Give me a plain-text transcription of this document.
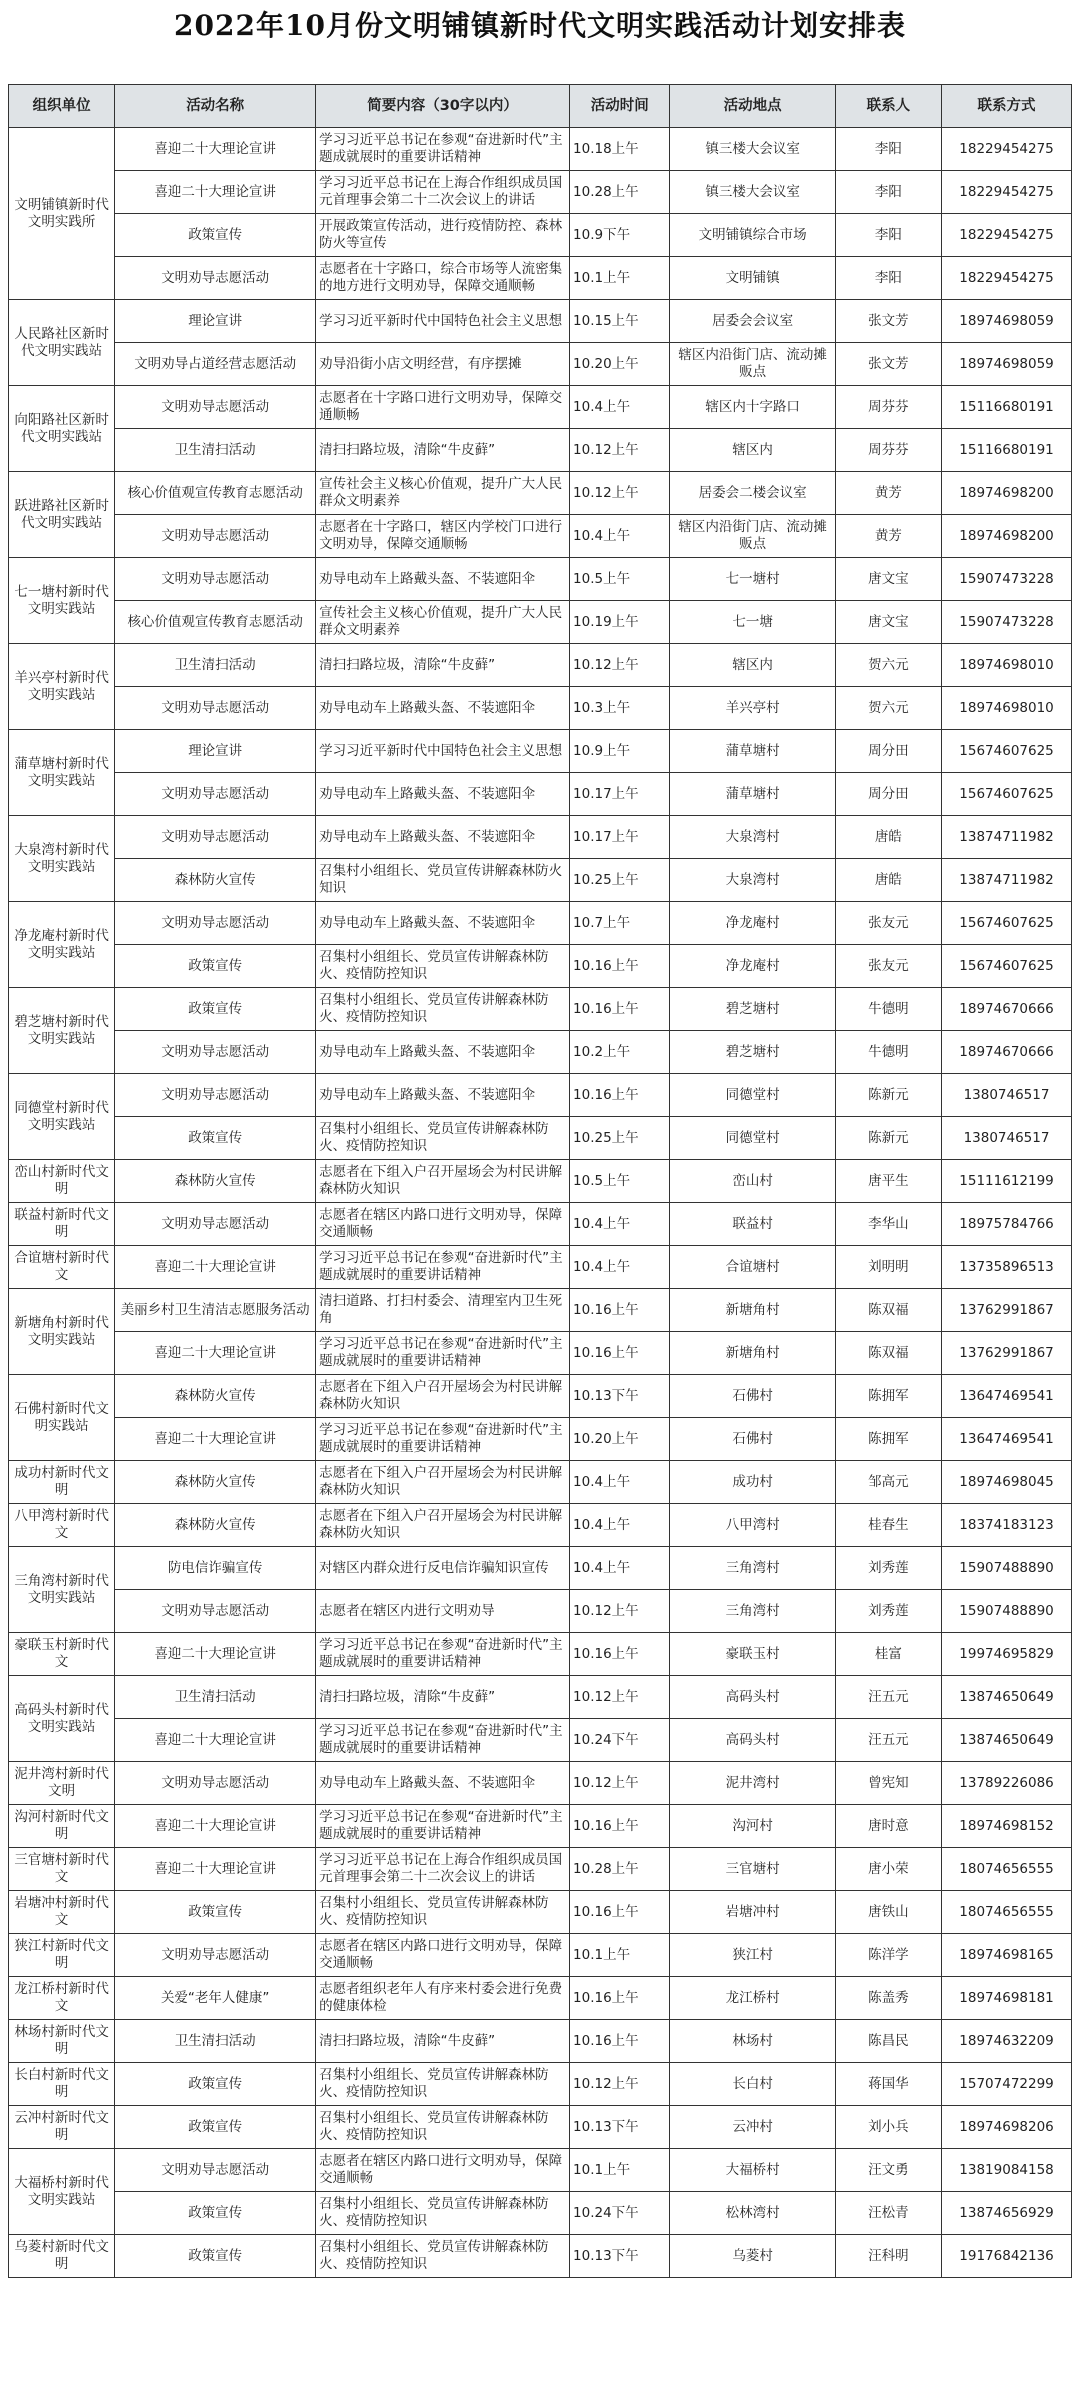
2022年10月份文明铺镇新时代文明实践活动计划安排表
组织单位	活动名称	简要内容（30字以内）	活动时间	活动地点	联系人	联系方式
文明铺镇新时代文明实践所	喜迎二十大理论宣讲	学习习近平总书记在参观“奋进新时代”主题成就展时的重要讲话精神	10.18上午	镇三楼大会议室	李阳	18229454275
	喜迎二十大理论宣讲	学习习近平总书记在上海合作组织成员国元首理事会第二十二次会议上的讲话	10.28上午	镇三楼大会议室	李阳	18229454275
	政策宣传	开展政策宣传活动，进行疫情防控、森林防火等宣传	10.9下午	文明铺镇综合市场	李阳	18229454275
	文明劝导志愿活动	志愿者在十字路口，综合市场等人流密集的地方进行文明劝导，保障交通顺畅	10.1上午	文明铺镇	李阳	18229454275
人民路社区新时代文明实践站	理论宣讲	学习习近平新时代中国特色社会主义思想	10.15上午	居委会会议室	张文芳	18974698059
	文明劝导占道经营志愿活动	劝导沿街小店文明经营，有序摆摊	10.20上午	辖区内沿街门店、流动摊贩点	张文芳	18974698059
向阳路社区新时代文明实践站	文明劝导志愿活动	志愿者在十字路口进行文明劝导，保障交通顺畅	10.4上午	辖区内十字路口	周芬芬	15116680191
	卫生清扫活动	清扫扫路垃圾，清除“牛皮藓”	10.12上午	辖区内	周芬芬	15116680191
跃进路社区新时代文明实践站	核心价值观宣传教育志愿活动	宣传社会主义核心价值观，提升广大人民群众文明素养	10.12上午	居委会二楼会议室	黄芳	18974698200
	文明劝导志愿活动	志愿者在十字路口，辖区内学校门口进行文明劝导，保障交通顺畅	10.4上午	辖区内沿街门店、流动摊贩点	黄芳	18974698200
七一塘村新时代文明实践站	文明劝导志愿活动	劝导电动车上路戴头盔、不装遮阳伞	10.5上午	七一塘村	唐文宝	15907473228
	核心价值观宣传教育志愿活动	宣传社会主义核心价值观，提升广大人民群众文明素养	10.19上午	七一塘	唐文宝	15907473228
羊兴亭村新时代文明实践站	卫生清扫活动	清扫扫路垃圾，清除“牛皮藓”	10.12上午	辖区内	贺六元	18974698010
	文明劝导志愿活动	劝导电动车上路戴头盔、不装遮阳伞	10.3上午	羊兴亭村	贺六元	18974698010
蒲草塘村新时代文明实践站	理论宣讲	学习习近平新时代中国特色社会主义思想	10.9上午	蒲草塘村	周分田	15674607625
	文明劝导志愿活动	劝导电动车上路戴头盔、不装遮阳伞	10.17上午	蒲草塘村	周分田	15674607625
大泉湾村新时代文明实践站	文明劝导志愿活动	劝导电动车上路戴头盔、不装遮阳伞	10.17上午	大泉湾村	唐皓	13874711982
	森林防火宣传	召集村小组组长、党员宣传讲解森林防火知识	10.25上午	大泉湾村	唐皓	13874711982
净龙庵村新时代文明实践站	文明劝导志愿活动	劝导电动车上路戴头盔、不装遮阳伞	10.7上午	净龙庵村	张友元	15674607625
	政策宣传	召集村小组组长、党员宣传讲解森林防火、疫情防控知识	10.16上午	净龙庵村	张友元	15674607625
碧芝塘村新时代文明实践站	政策宣传	召集村小组组长、党员宣传讲解森林防火、疫情防控知识	10.16上午	碧芝塘村	牛德明	18974670666
	文明劝导志愿活动	劝导电动车上路戴头盔、不装遮阳伞	10.2上午	碧芝塘村	牛德明	18974670666
同德堂村新时代文明实践站	文明劝导志愿活动	劝导电动车上路戴头盔、不装遮阳伞	10.16上午	同德堂村	陈新元	1380746517
	政策宣传	召集村小组组长、党员宣传讲解森林防火、疫情防控知识	10.25上午	同德堂村	陈新元	1380746517
峦山村新时代文明	森林防火宣传	志愿者在下组入户召开屋场会为村民讲解森林防火知识	10.5上午	峦山村	唐平生	15111612199
联益村新时代文明	文明劝导志愿活动	志愿者在辖区内路口进行文明劝导，保障交通顺畅	10.4上午	联益村	李华山	18975784766
合谊塘村新时代文	喜迎二十大理论宣讲	学习习近平总书记在参观“奋进新时代”主题成就展时的重要讲话精神	10.4上午	合谊塘村	刘明明	13735896513
新塘角村新时代文明实践站	美丽乡村卫生清洁志愿服务活动	清扫道路、打扫村委会、清理室内卫生死角	10.16上午	新塘角村	陈双福	13762991867
	喜迎二十大理论宣讲	学习习近平总书记在参观“奋进新时代”主题成就展时的重要讲话精神	10.16上午	新塘角村	陈双福	13762991867
石佛村新时代文明实践站	森林防火宣传	志愿者在下组入户召开屋场会为村民讲解森林防火知识	10.13下午	石佛村	陈拥军	13647469541
	喜迎二十大理论宣讲	学习习近平总书记在参观“奋进新时代”主题成就展时的重要讲话精神	10.20上午	石佛村	陈拥军	13647469541
成功村新时代文明	森林防火宣传	志愿者在下组入户召开屋场会为村民讲解森林防火知识	10.4上午	成功村	邹高元	18974698045
八甲湾村新时代文	森林防火宣传	志愿者在下组入户召开屋场会为村民讲解森林防火知识	10.4上午	八甲湾村	桂春生	18374183123
三角湾村新时代文明实践站	防电信诈骗宣传	对辖区内群众进行反电信诈骗知识宣传	10.4上午	三角湾村	刘秀莲	15907488890
	文明劝导志愿活动	志愿者在辖区内进行文明劝导	10.12上午	三角湾村	刘秀莲	15907488890
豪联玉村新时代文	喜迎二十大理论宣讲	学习习近平总书记在参观“奋进新时代”主题成就展时的重要讲话精神	10.16上午	豪联玉村	桂富	19974695829
高码头村新时代文明实践站	卫生清扫活动	清扫扫路垃圾，清除“牛皮藓”	10.12上午	高码头村	汪五元	13874650649
	喜迎二十大理论宣讲	学习习近平总书记在参观“奋进新时代”主题成就展时的重要讲话精神	10.24下午	高码头村	汪五元	13874650649
泥井湾村新时代文明	文明劝导志愿活动	劝导电动车上路戴头盔、不装遮阳伞	10.12上午	泥井湾村	曾宪知	13789226086
沟河村新时代文明	喜迎二十大理论宣讲	学习习近平总书记在参观“奋进新时代”主题成就展时的重要讲话精神	10.16上午	沟河村	唐时意	18974698152
三官塘村新时代文	喜迎二十大理论宣讲	学习习近平总书记在上海合作组织成员国元首理事会第二十二次会议上的讲话	10.28上午	三官塘村	唐小荣	18074656555
岩塘冲村新时代文	政策宣传	召集村小组组长、党员宣传讲解森林防火、疫情防控知识	10.16上午	岩塘冲村	唐铁山	18074656555
狭江村新时代文明	文明劝导志愿活动	志愿者在辖区内路口进行文明劝导，保障交通顺畅	10.1上午	狭江村	陈洋学	18974698165
龙江桥村新时代文	关爱“老年人健康”	志愿者组织老年人有序来村委会进行免费的健康体检	10.16上午	龙江桥村	陈盖秀	18974698181
林场村新时代文明	卫生清扫活动	清扫扫路垃圾，清除“牛皮藓”	10.16上午	林场村	陈昌民	18974632209
长白村新时代文明	政策宣传	召集村小组组长、党员宣传讲解森林防火、疫情防控知识	10.12上午	长白村	蒋国华	15707472299
云冲村新时代文明	政策宣传	召集村小组组长、党员宣传讲解森林防火、疫情防控知识	10.13下午	云冲村	刘小兵	18974698206
大福桥村新时代文明实践站	文明劝导志愿活动	志愿者在辖区内路口进行文明劝导，保障交通顺畅	10.1上午	大福桥村	汪文勇	13819084158
	政策宣传	召集村小组组长、党员宣传讲解森林防火、疫情防控知识	10.24下午	松林湾村	汪松青	13874656929
乌菱村新时代文明	政策宣传	召集村小组组长、党员宣传讲解森林防火、疫情防控知识	10.13下午	乌菱村	汪科明	19176842136
